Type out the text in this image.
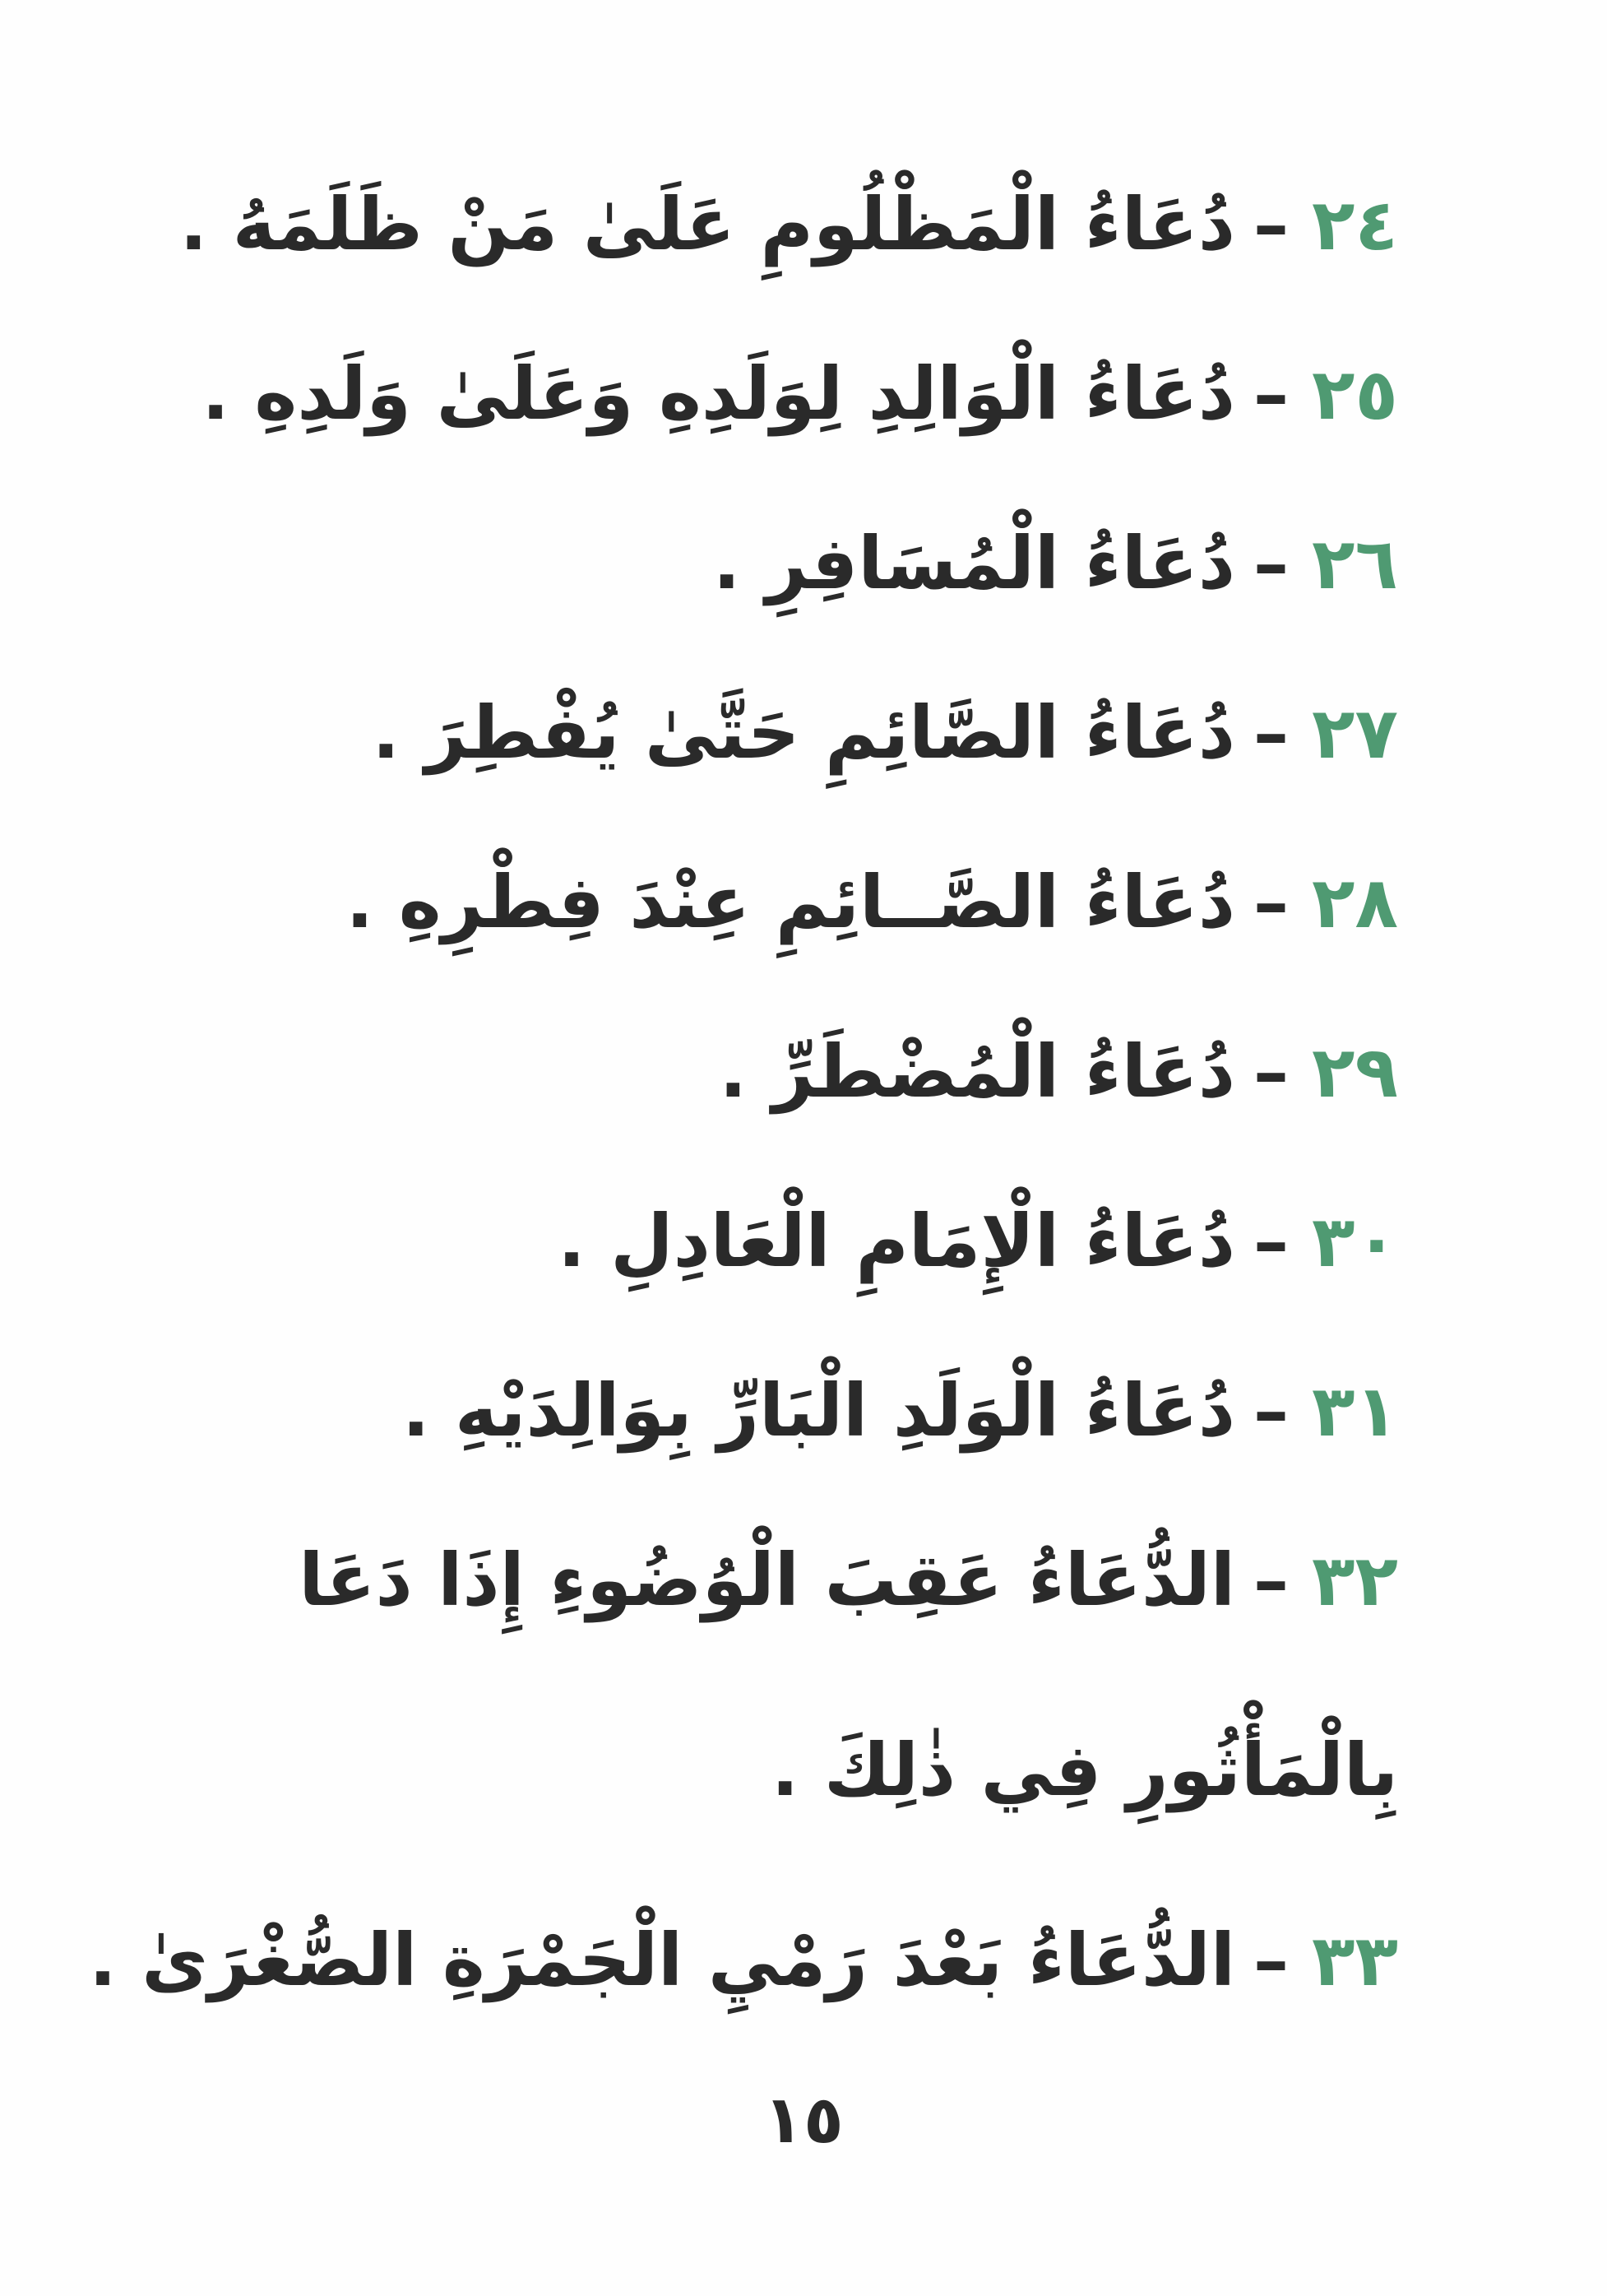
٢٤
–
دُعَاءُ الْمَظْلُومِ عَلَىٰ مَنْ ظَلَمَهُ .
٢٥
–
دُعَاءُ الْوَالِدِ لِوَلَدِهِ وَعَلَىٰ وَلَدِهِ .
٢٦
–
دُعَاءُ الْمُسَافِرِ .
٢٧
–
دُعَاءُ الصَّائِمِ حَتَّىٰ يُفْطِرَ .
٢٨
–
دُعَاءُ الصَّــائِمِ عِنْدَ فِطْرِهِ .
٢٩
–
دُعَاءُ الْمُضْطَرِّ .
٣٠
–
دُعَاءُ الْإِمَامِ الْعَادِلِ .
٣١
–
دُعَاءُ الْوَلَدِ الْبَارِّ بِوَالِدَيْهِ .
٣٢–الدُّعَاءُ عَقِبَ الْوُضُوءِ إِذَا دَعَا بِالْمَأْثُورِ فِي ذٰلِكَ .
٣٣
–
الدُّعَاءُ بَعْدَ رَمْيِ الْجَمْرَةِ الصُّغْرَىٰ .
١٥
